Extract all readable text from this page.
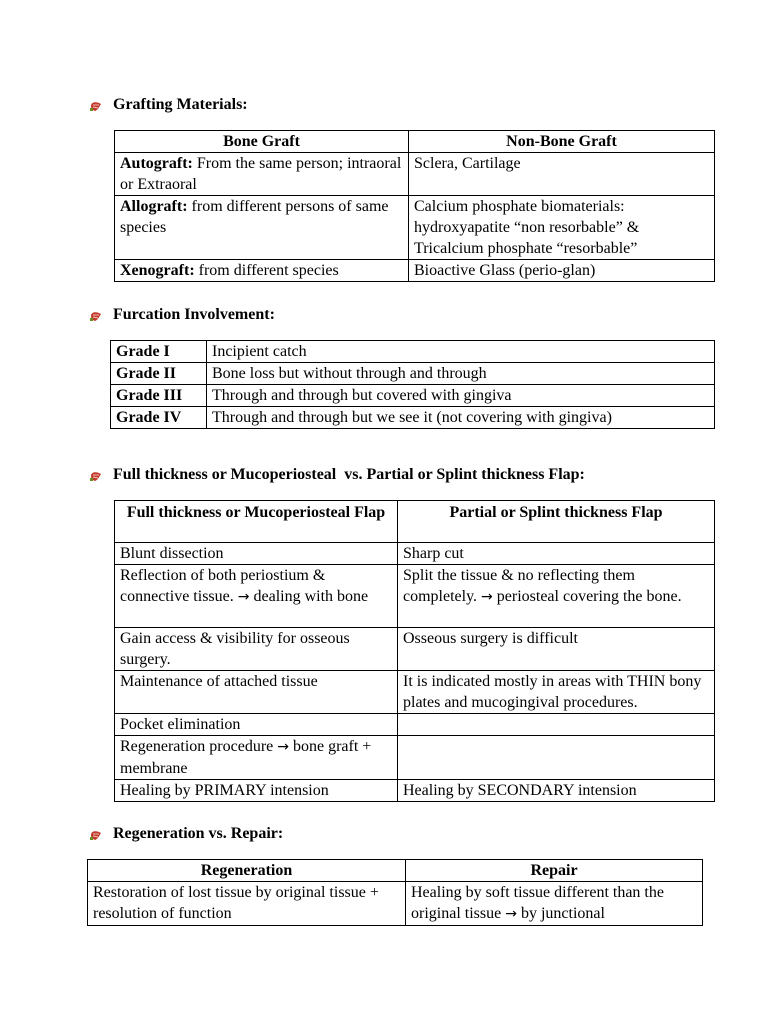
Grafting Materials:
Bone Graft	Non-Bone Graft
Autograft: From the same person; intraoral or Extraoral	Sclera, Cartilage
Allograft: from different persons of same species	Calcium phosphate biomaterials: hydroxyapatite “non resorbable” & Tricalcium phosphate “resorbable”
Xenograft: from different species	Bioactive Glass (perio-glan)
Furcation Involvement:
Grade I	Incipient catch
Grade II	Bone loss but without through and through
Grade III	Through and through but covered with gingiva
Grade IV	Through and through but we see it (not covering with gingiva)
Full thickness or Mucoperiosteal  vs. Partial or Splint thickness Flap:
Full thickness or Mucoperiosteal Flap	Partial or Splint thickness Flap
Blunt dissection	Sharp cut
Reflection of both periostium & connective tissue. → dealing with bone	Split the tissue & no reflecting them completely. → periosteal covering the bone.
Gain access & visibility for osseous surgery.	Osseous surgery is difficult
Maintenance of attached tissue	It is indicated mostly in areas with THIN bony plates and mucogingival procedures.
Pocket elimination	
Regeneration procedure → bone graft + membrane	
Healing by PRIMARY intension	Healing by SECONDARY intension
Regeneration vs. Repair:
Regeneration	Repair
Restoration of lost tissue by original tissue + resolution of function	Healing by soft tissue different than the original tissue → by junctional
